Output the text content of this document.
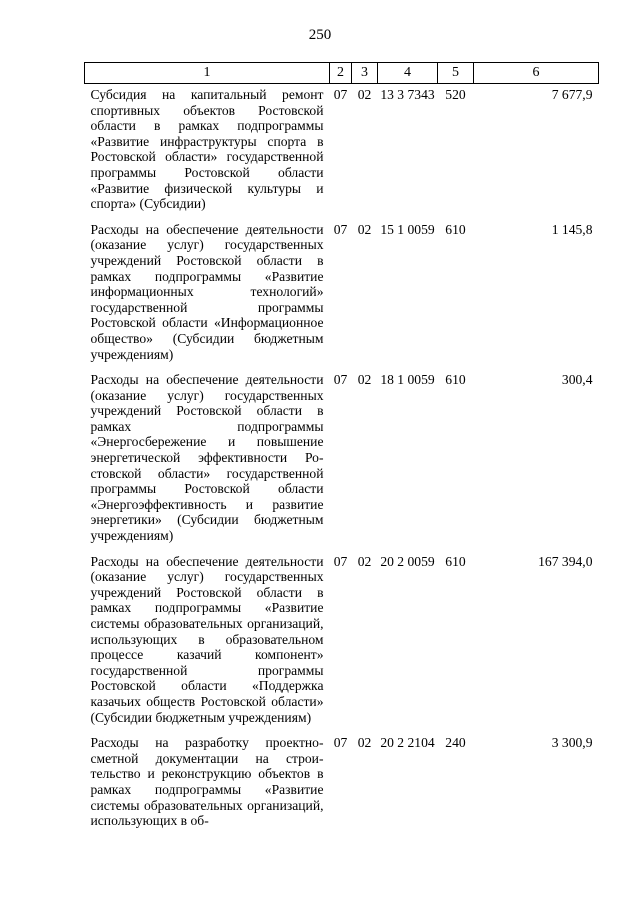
250
1	2	3	4	5	6
Субсидия на капитальный ремонт спортивных объектов Ростовской области в рамках подпрограммы «Развитие инфраструктуры спорта в Ростовской области» государственной программы Ростовской области «Развитие физической культуры и спорта» (Субсидии)	07	02	13 3 7343	520	7 677,9
Расходы на обеспечение деятельности (оказание услуг) государственных учреждений Ростовской области в рамках подпрограммы «Развитие информационных технологий» государственной программы Ростовской области «Информационное общество» (Субсидии бюджетным учреждениям)	07	02	15 1 0059	610	1 145,8
Расходы на обеспечение деятельности (оказание услуг) государственных учреждений Ростовской области в рамках подпрограммы «Энергосбережение и повышение энергетической эффективности Ростовской области» государственной программы Ростовской области «Энергоэффективность и развитие энергетики» (Субсидии бюджетным учреждениям)	07	02	18 1 0059	610	300,4
Расходы на обеспечение деятельности (оказание услуг) государственных учреждений Ростовской области в рамках подпрограммы «Развитие системы образовательных организаций, использующих в образовательном процессе казачий компонент» государственной программы Ростовской области «Поддержка казачьих обществ Ростовской области» (Субсидии бюджетным учреждениям)	07	02	20 2 0059	610	167 394,0
Расходы на разработку проектно-сметной документации на строительство и реконструкцию объектов в рамках подпрограммы «Развитие системы образовательных организаций, использующих в об-	07	02	20 2 2104	240	3 300,9
